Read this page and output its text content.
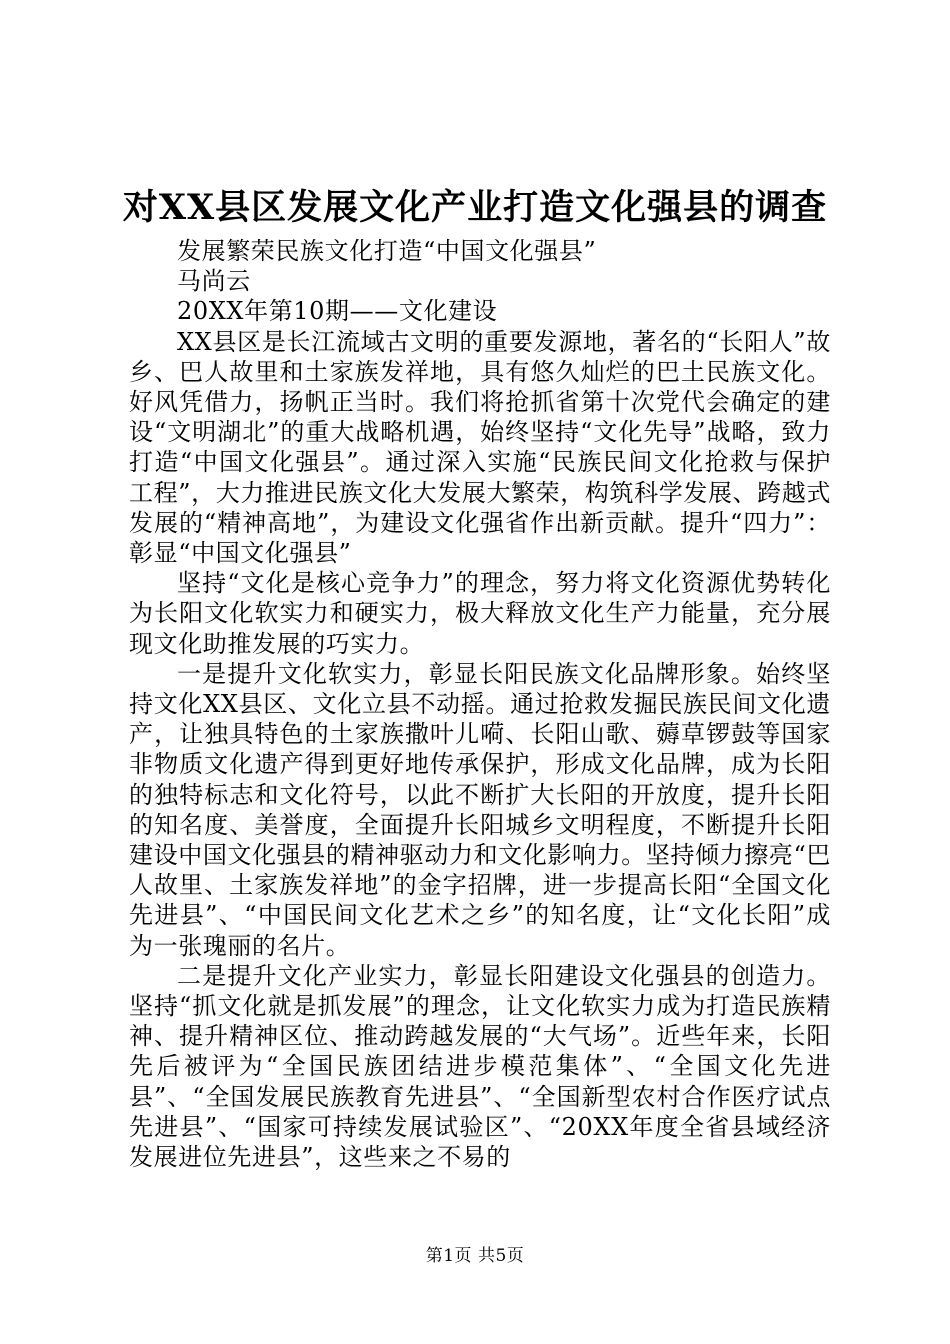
对XX县区发展文化产业打造文化强县的调查

发展繁荣民族文化打造“中国文化强县”

马尚云

20XX年第10期——文化建设

XX县区是长江流域古文明的重要发源地，著名的“长阳人”故乡、巴人故里和土家族发祥地，具有悠久灿烂的巴土民族文化。好风凭借力，扬帆正当时。我们将抢抓省第十次党代会确定的建设“文明湖北”的重大战略机遇，始终坚持“文化先导”战略，致力打造“中国文化强县”。通过深入实施“民族民间文化抢救与保护工程”，大力推进民族文化大发展大繁荣，构筑科学发展、跨越式发展的“精神高地”，为建设文化强省作出新贡献。提升“四力”：彰显“中国文化强县”

坚持“文化是核心竞争力”的理念，努力将文化资源优势转化为长阳文化软实力和硬实力，极大释放文化生产力能量，充分展现文化助推发展的巧实力。

一是提升文化软实力，彰显长阳民族文化品牌形象。始终坚持文化XX县区、文化立县不动摇。通过抢救发掘民族民间文化遗产，让独具特色的土家族撒叶儿嗬、长阳山歌、薅草锣鼓等国家非物质文化遗产得到更好地传承保护，形成文化品牌，成为长阳的独特标志和文化符号，以此不断扩大长阳的开放度，提升长阳的知名度、美誉度，全面提升长阳城乡文明程度，不断提升长阳建设中国文化强县的精神驱动力和文化影响力。坚持倾力擦亮“巴人故里、土家族发祥地”的金字招牌，进一步提高长阳“全国文化先进县”、“中国民间文化艺术之乡”的知名度，让“文化长阳”成为一张瑰丽的名片。

二是提升文化产业实力，彰显长阳建设文化强县的创造力。坚持“抓文化就是抓发展”的理念，让文化软实力成为打造民族精神、提升精神区位、推动跨越发展的“大气场”。近些年来，长阳先后被评为“全国民族团结进步模范集体”、“全国文化先进县”、“全国发展民族教育先进县”、“全国新型农村合作医疗试点先进县”、“国家可持续发展试验区”、“20XX年度全省县域经济发展进位先进县”，这些来之不易的

第1页 共5页
